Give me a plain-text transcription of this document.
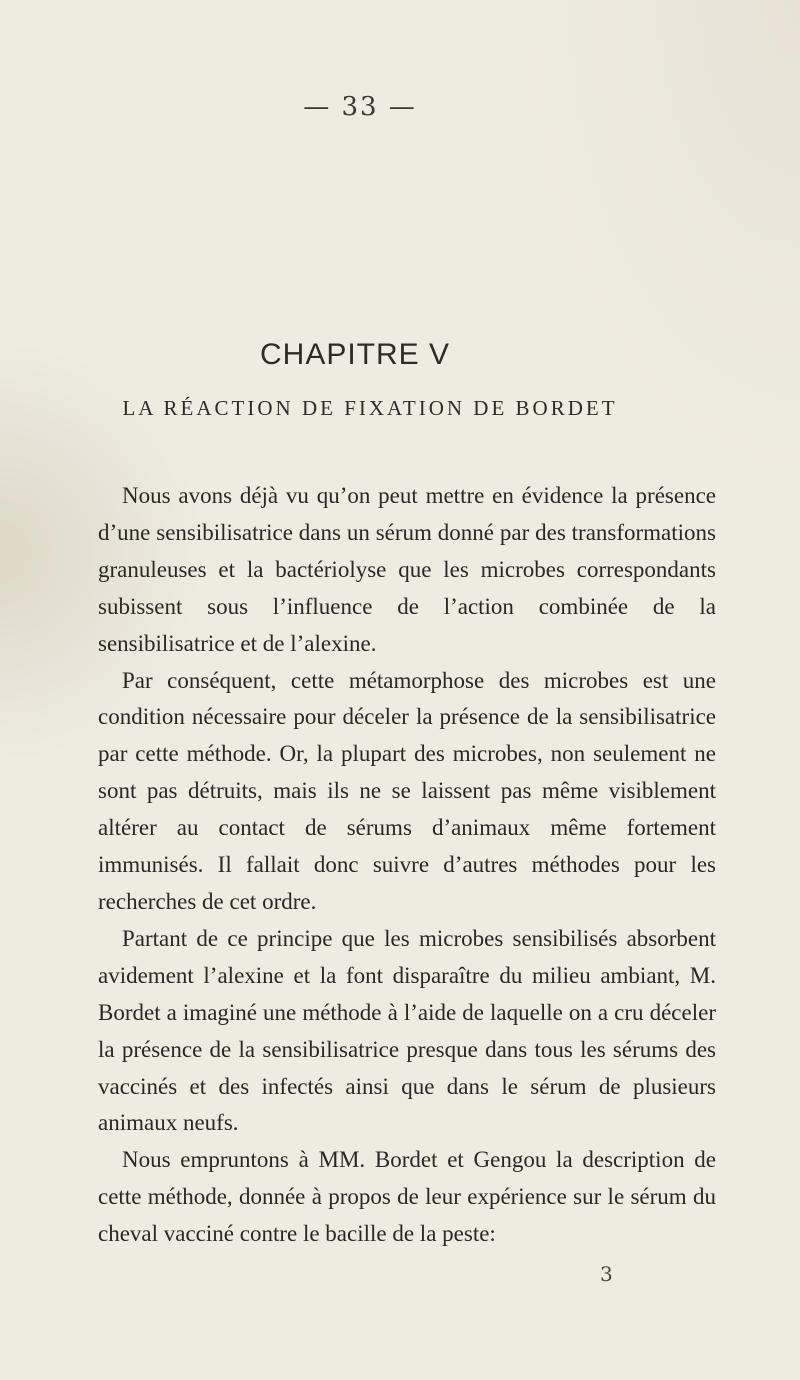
— 33 —
CHAPITRE V
LA RÉACTION DE FIXATION DE BORDET

Nous avons déjà vu qu’on peut mettre en évidence la présence d’une sensibilisatrice dans un sérum donné par des transformations granuleuses et la bactériolyse que les microbes correspondants subissent sous l’influence de l’action combinée de la sensibilisatrice et de l’alexine.

Par conséquent, cette métamorphose des microbes est une condition nécessaire pour déceler la présence de la sensibilisatrice par cette méthode. Or, la plupart des microbes, non seulement ne sont pas détruits, mais ils ne se laissent pas même visiblement altérer au contact de sérums d’animaux même fortement immunisés. Il fallait donc suivre d’autres méthodes pour les recherches de cet ordre.

Partant de ce principe que les microbes sensibilisés absorbent avidement l’alexine et la font disparaître du milieu ambiant, M. Bordet a imaginé une méthode à l’aide de laquelle on a cru déceler la présence de la sensibilisatrice presque dans tous les sérums des vaccinés et des infectés ainsi que dans le sérum de plusieurs animaux neufs.

Nous empruntons à MM. Bordet et Gengou la description de cette méthode, donnée à propos de leur expérience sur le sérum du cheval vacciné contre le bacille de la peste:

3
